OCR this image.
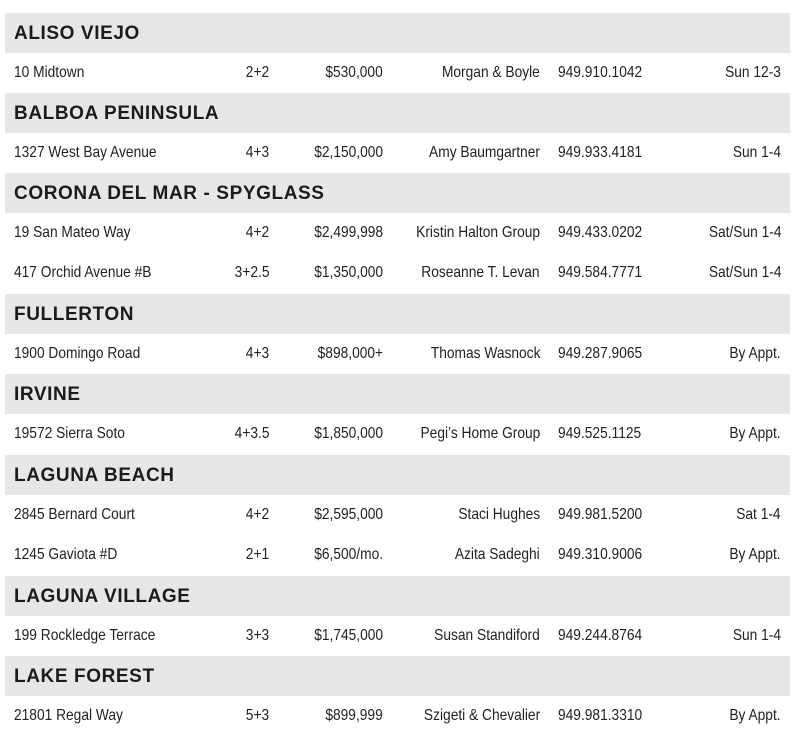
ALISO VIEJO
10 Midtown	2+2	$530,000	Morgan & Boyle 949.910.1042	Sun 12-3
BALBOA PENINSULA
1327 West Bay Avenue	4+3	$2,150,000	Amy Baumgartner 949.933.4181	Sun 1-4
CORONA DEL MAR - SPYGLASS
19 San Mateo Way	4+2	$2,499,998 Kristin Halton Group 949.433.0202	Sat/Sun 1-4
417 Orchid Avenue #B	3+2.5	$1,350,000 Roseanne T. Levan 949.584.7771	Sat/Sun 1-4
FULLERTON
1900 Domingo Road	4+3	$898,000+	Thomas Wasnock 949.287.9065	By Appt.
IRVINE
19572 Sierra Soto	4+3.5	$1,850,000 Pegi’s Home Group 949.525.1125	By Appt.
LAGUNA BEACH
2845 Bernard Court	4+2	$2,595,000	Staci Hughes 949.981.5200	Sat 1-4
1245 Gaviota #D	2+1	$6,500/mo.	Azita Sadeghi 949.310.9006	By Appt.
LAGUNA VILLAGE
199 Rockledge Terrace	3+3	$1,745,000	Susan Standiford 949.244.8764	Sun 1-4
LAKE FOREST
21801 Regal Way	5+3	$899,999	Szigeti & Chevalier 949.981.3310	By Appt.
